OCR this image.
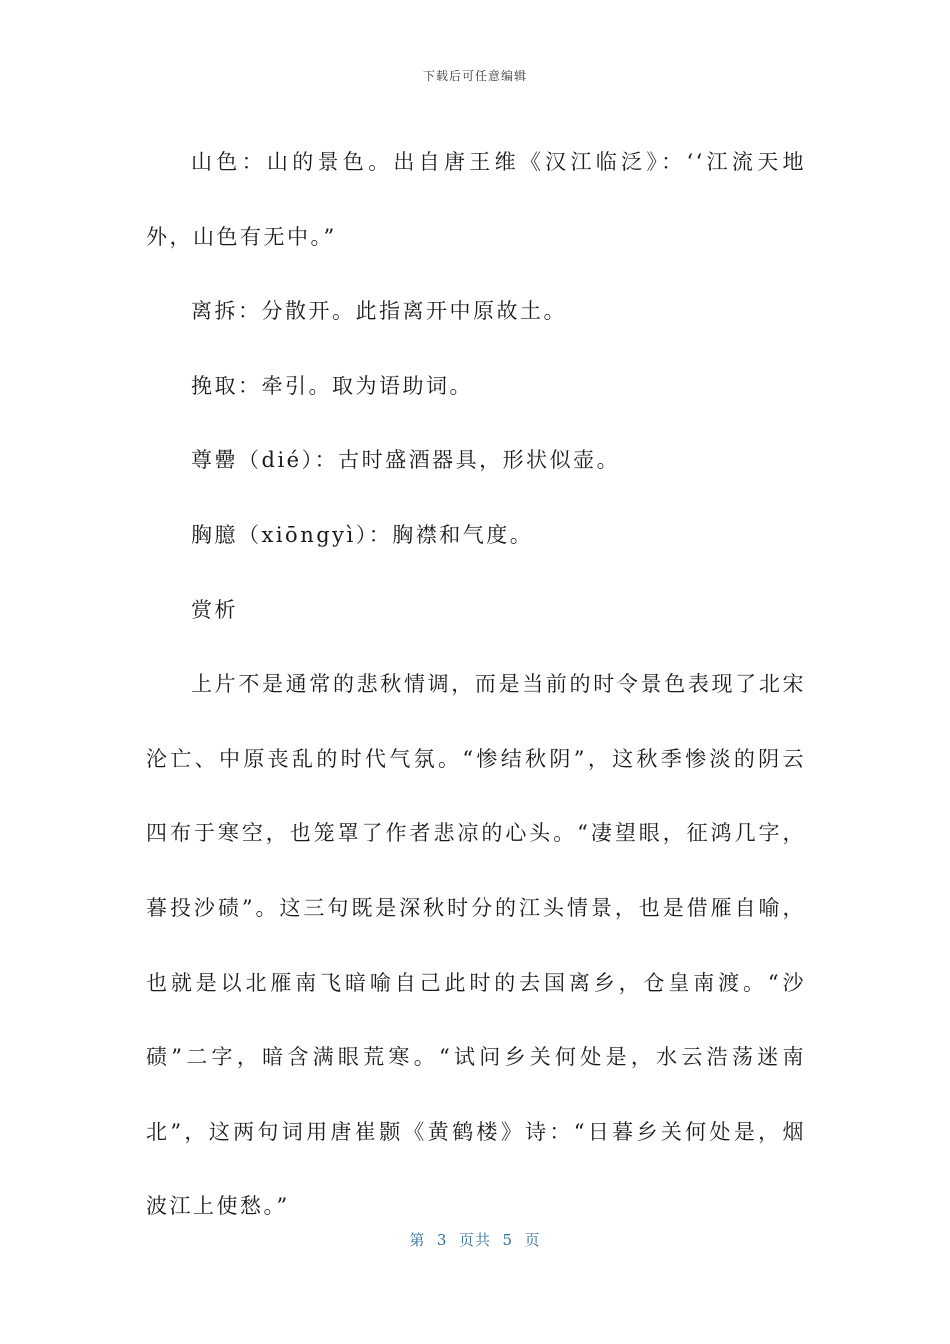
下载后可任意编辑

山色：山的景色。出自唐王维《汉江临泛》：‘‘江流天地外，山色有无中。”

离拆：分散开。此指离开中原故土。

挽取：牵引。取为语助词。

尊罍（dié）：古时盛酒器具，形状似壶。

胸臆（xiōngyì）：胸襟和气度。

赏析

上片不是通常的悲秋情调，而是当前的时令景色表现了北宋沦亡、中原丧乱的时代气氛。“惨结秋阴”，这秋季惨淡的阴云四布于寒空，也笼罩了作者悲凉的心头。“凄望眼，征鸿几字，暮投沙碛”。这三句既是深秋时分的江头情景，也是借雁自喻，也就是以北雁南飞暗喻自己此时的去国离乡，仓皇南渡。“沙碛”二字，暗含满眼荒寒。“试问乡关何处是，水云浩荡迷南北”，这两句词用唐崔颢《黄鹤楼》诗：“日暮乡关何处是，烟波江上使愁。”

第  3  页共  5  页
